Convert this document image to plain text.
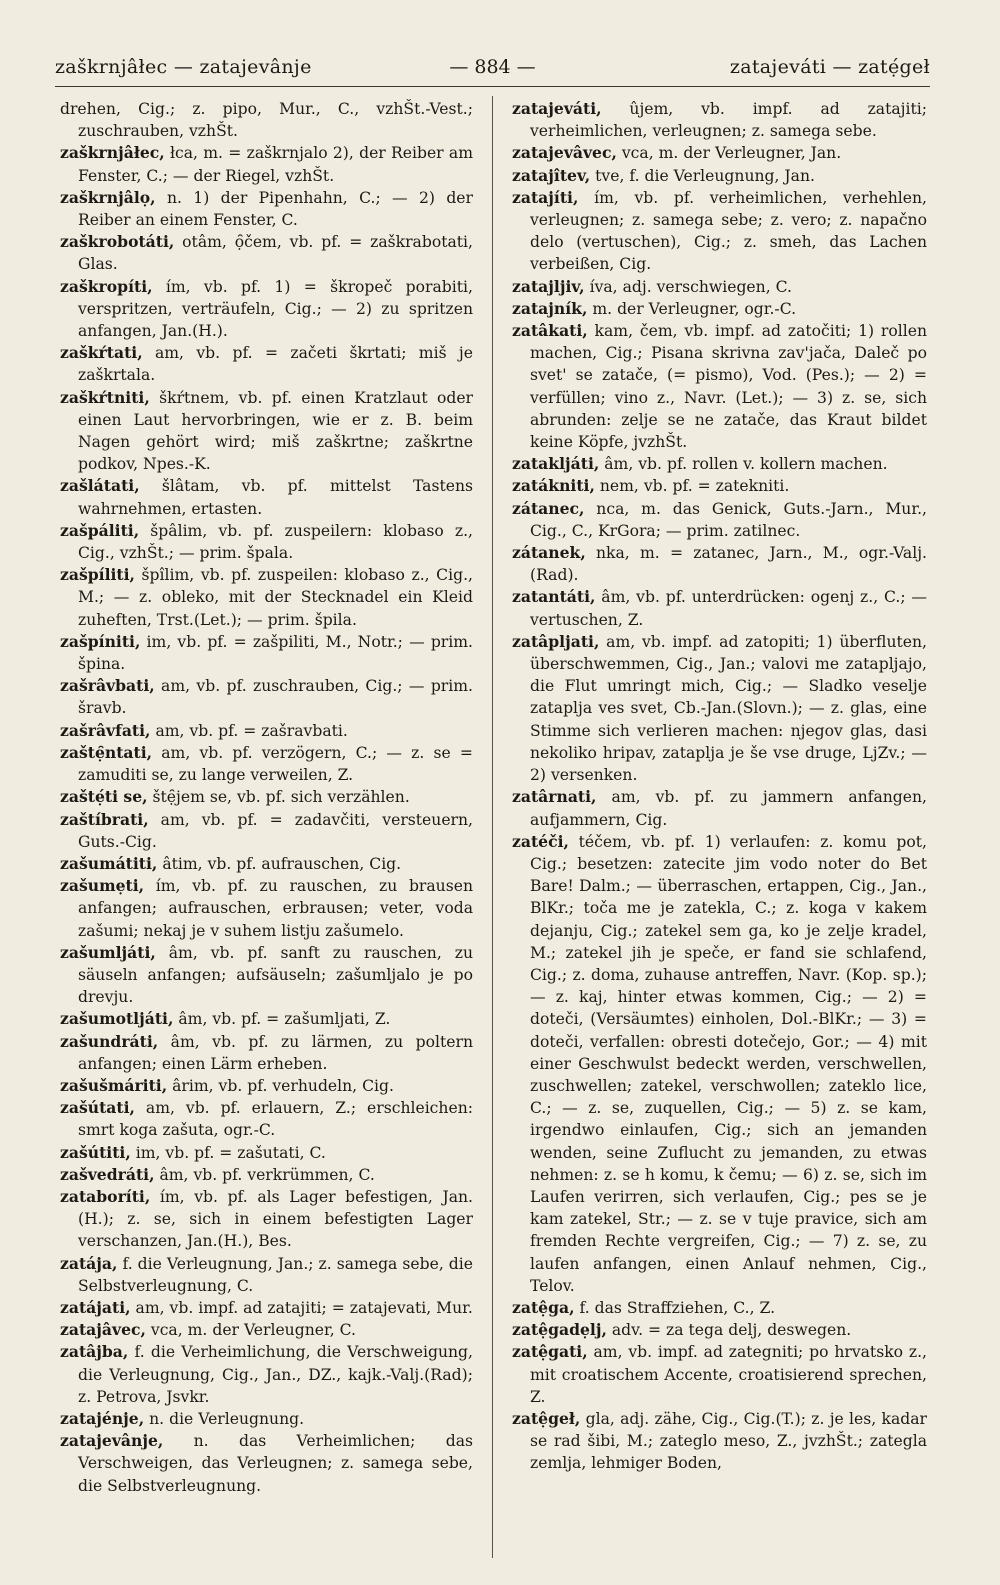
zaškrnjâłec — zatajevânje	— 884 —	zatajeváti — zatẹ́geł

drehen, Cig.; z. pipo, Mur., C., vzhŠt.-Vest.; zuschrauben, vzhŠt.

zaškrnjâłec, łca, m. = zaškrnjalo 2), der Reiber am Fenster, C.; — der Riegel, vzhŠt.

zaškrnjâlọ, n. 1) der Pipenhahn, C.; — 2) der Reiber an einem Fenster, C.

zaškrobotáti, otâm, ọ̑čem, vb. pf. = zaškrabotati, Glas.

zaškropíti, ím, vb. pf. 1) = škropeč porabiti, verspritzen, verträufeln, Cig.; — 2) zu spritzen anfangen, Jan.(H.).

zaškŕtati, am, vb. pf. = začeti škrtati; miš je zaškrtala.

zaškŕtniti, škŕtnem, vb. pf. einen Kratzlaut oder einen Laut hervorbringen, wie er z. B. beim Nagen gehört wird; miš zaškrtne; zaškrtne podkov, Npes.-K.

zašlátati, šlâtam, vb. pf. mittelst Tastens wahrnehmen, ertasten.

zašpáliti, špâlim, vb. pf. zuspeilern: klobaso z., Cig., vzhŠt.; — prim. špala.

zašpíliti, špîlim, vb. pf. zuspeilen: klobaso z., Cig., M.; — z. obleko, mit der Stecknadel ein Kleid zuheften, Trst.(Let.); — prim. špila.

zašpíniti, im, vb. pf. = zašpiliti, M., Notr.; — prim. špina.

zašrâvbati, am, vb. pf. zuschrauben, Cig.; — prim. šravb.

zašrâvfati, am, vb. pf. = zašravbati.

zaštẹ̑ntati, am, vb. pf. verzögern, C.; — z. se = zamuditi se, zu lange verweilen, Z.

zaštẹ́ti se, štẹ̑jem se, vb. pf. sich verzählen.

zaštíbrati, am, vb. pf. = zadavčiti, versteuern, Guts.-Cig.

zašumátiti, âtim, vb. pf. aufrauschen, Cig.

zašumẹti, ím, vb. pf. zu rauschen, zu brausen anfangen; aufrauschen, erbrausen; veter, voda zašumi; nekaj je v suhem listju zašumelo.

zašumljáti, âm, vb. pf. sanft zu rauschen, zu säuseln anfangen; aufsäuseln; zašumljalo je po drevju.

zašumotljáti, âm, vb. pf. = zašumljati, Z.

zašundráti, âm, vb. pf. zu lärmen, zu poltern anfangen; einen Lärm erheben.

zašušmáriti, ârim, vb. pf. verhudeln, Cig.

zašútati, am, vb. pf. erlauern, Z.; erschleichen: smrt koga zašuta, ogr.-C.

zašútiti, im, vb. pf. = zašutati, C.

zašvedráti, âm, vb. pf. verkrümmen, C.

zataboríti, ím, vb. pf. als Lager befestigen, Jan.(H.); z. se, sich in einem befestigten Lager verschanzen, Jan.(H.), Bes.

zatája, f. die Verleugnung, Jan.; z. samega sebe, die Selbstverleugnung, C.

zatájati, am, vb. impf. ad zatajiti; = zatajevati, Mur.

zatajâvec, vca, m. der Verleugner, C.

zatâjba, f. die Verheimlichung, die Verschweigung, die Verleugnung, Cig., Jan., DZ., kajk.-Valj.(Rad); z. Petrova, Jsvkr.

zatajénje, n. die Verleugnung.

zatajevânje, n. das Verheimlichen; das Verschweigen, das Verleugnen; z. samega sebe, die Selbstverleugnung.

zatajeváti, ûjem, vb. impf. ad zatajiti; verheimlichen, verleugnen; z. samega sebe.

zatajevâvec, vca, m. der Verleugner, Jan.

zatajîtev, tve, f. die Verleugnung, Jan.

zatajíti, ím, vb. pf. verheimlichen, verhehlen, verleugnen; z. samega sebe; z. vero; z. napačno delo (vertuschen), Cig.; z. smeh, das Lachen verbeißen, Cig.

zatajljiv, íva, adj. verschwiegen, C.

zatajník, m. der Verleugner, ogr.-C.

zatâkati, kam, čem, vb. impf. ad zatočiti; 1) rollen machen, Cig.; Pisana skrivna zav'jača, Daleč po svet' se zatače, (= pismo), Vod. (Pes.); — 2) = verfüllen; vino z., Navr. (Let.); — 3) z. se, sich abrunden: zelje se ne zatače, das Kraut bildet keine Köpfe, jvzhŠt.

zatakljáti, âm, vb. pf. rollen v. kollern machen.

zatákniti, nem, vb. pf. = zatekniti.

zátanec, nca, m. das Genick, Guts.-Jarn., Mur., Cig., C., KrGora; — prim. zatilnec.

zátanek, nka, m. = zatanec, Jarn., M., ogr.-Valj.(Rad).

zatantáti, âm, vb. pf. unterdrücken: ogenj z., C.; — vertuschen, Z.

zatâpljati, am, vb. impf. ad zatopiti; 1) überfluten, überschwemmen, Cig., Jan.; valovi me zatapljajo, die Flut umringt mich, Cig.; — Sladko veselje zataplja ves svet, Cb.-Jan.(Slovn.); — z. glas, eine Stimme sich verlieren machen: njegov glas, dasi nekoliko hripav, zataplja je še vse druge, LjZv.; — 2) versenken.

zatârnati, am, vb. pf. zu jammern anfangen, aufjammern, Cig.

zatéči, téčem, vb. pf. 1) verlaufen: z. komu pot, Cig.; besetzen: zatecite jim vodo noter do Bet Bare! Dalm.; — überraschen, ertappen, Cig., Jan., BlKr.; toča me je zatekla, C.; z. koga v kakem dejanju, Cig.; zatekel sem ga, ko je zelje kradel, M.; zatekel jih je speče, er fand sie schlafend, Cig.; z. doma, zuhause antreffen, Navr. (Kop. sp.); — z. kaj, hinter etwas kommen, Cig.; — 2) = doteči, (Versäumtes) einholen, Dol.-BlKr.; — 3) = doteči, verfallen: obresti dotečejo, Gor.; — 4) mit einer Geschwulst bedeckt werden, verschwellen, zuschwellen; zatekel, verschwollen; zateklo lice, C.; — z. se, zuquellen, Cig.; — 5) z. se kam, irgendwo einlaufen, Cig.; sich an jemanden wenden, seine Zuflucht zu jemanden, zu etwas nehmen: z. se h komu, k čemu; — 6) z. se, sich im Laufen verirren, sich verlaufen, Cig.; pes se je kam zatekel, Str.; — z. se v tuje pravice, sich am fremden Rechte vergreifen, Cig.; — 7) z. se, zu laufen anfangen, einen Anlauf nehmen, Cig., Telov.

zatệga, f. das Straffziehen, C., Z.

zatệgadẹlj, adv. = za tega delj, deswegen.

zatệgati, am, vb. impf. ad zategniti; po hrvatsko z., mit croatischem Accente, croatisierend sprechen, Z.

zatệgeł, gla, adj. zähe, Cig., Cig.(T.); z. je les, kadar se rad šibi, M.; zateglo meso, Z., jvzhŠt.; zategla zemlja, lehmiger Boden,
